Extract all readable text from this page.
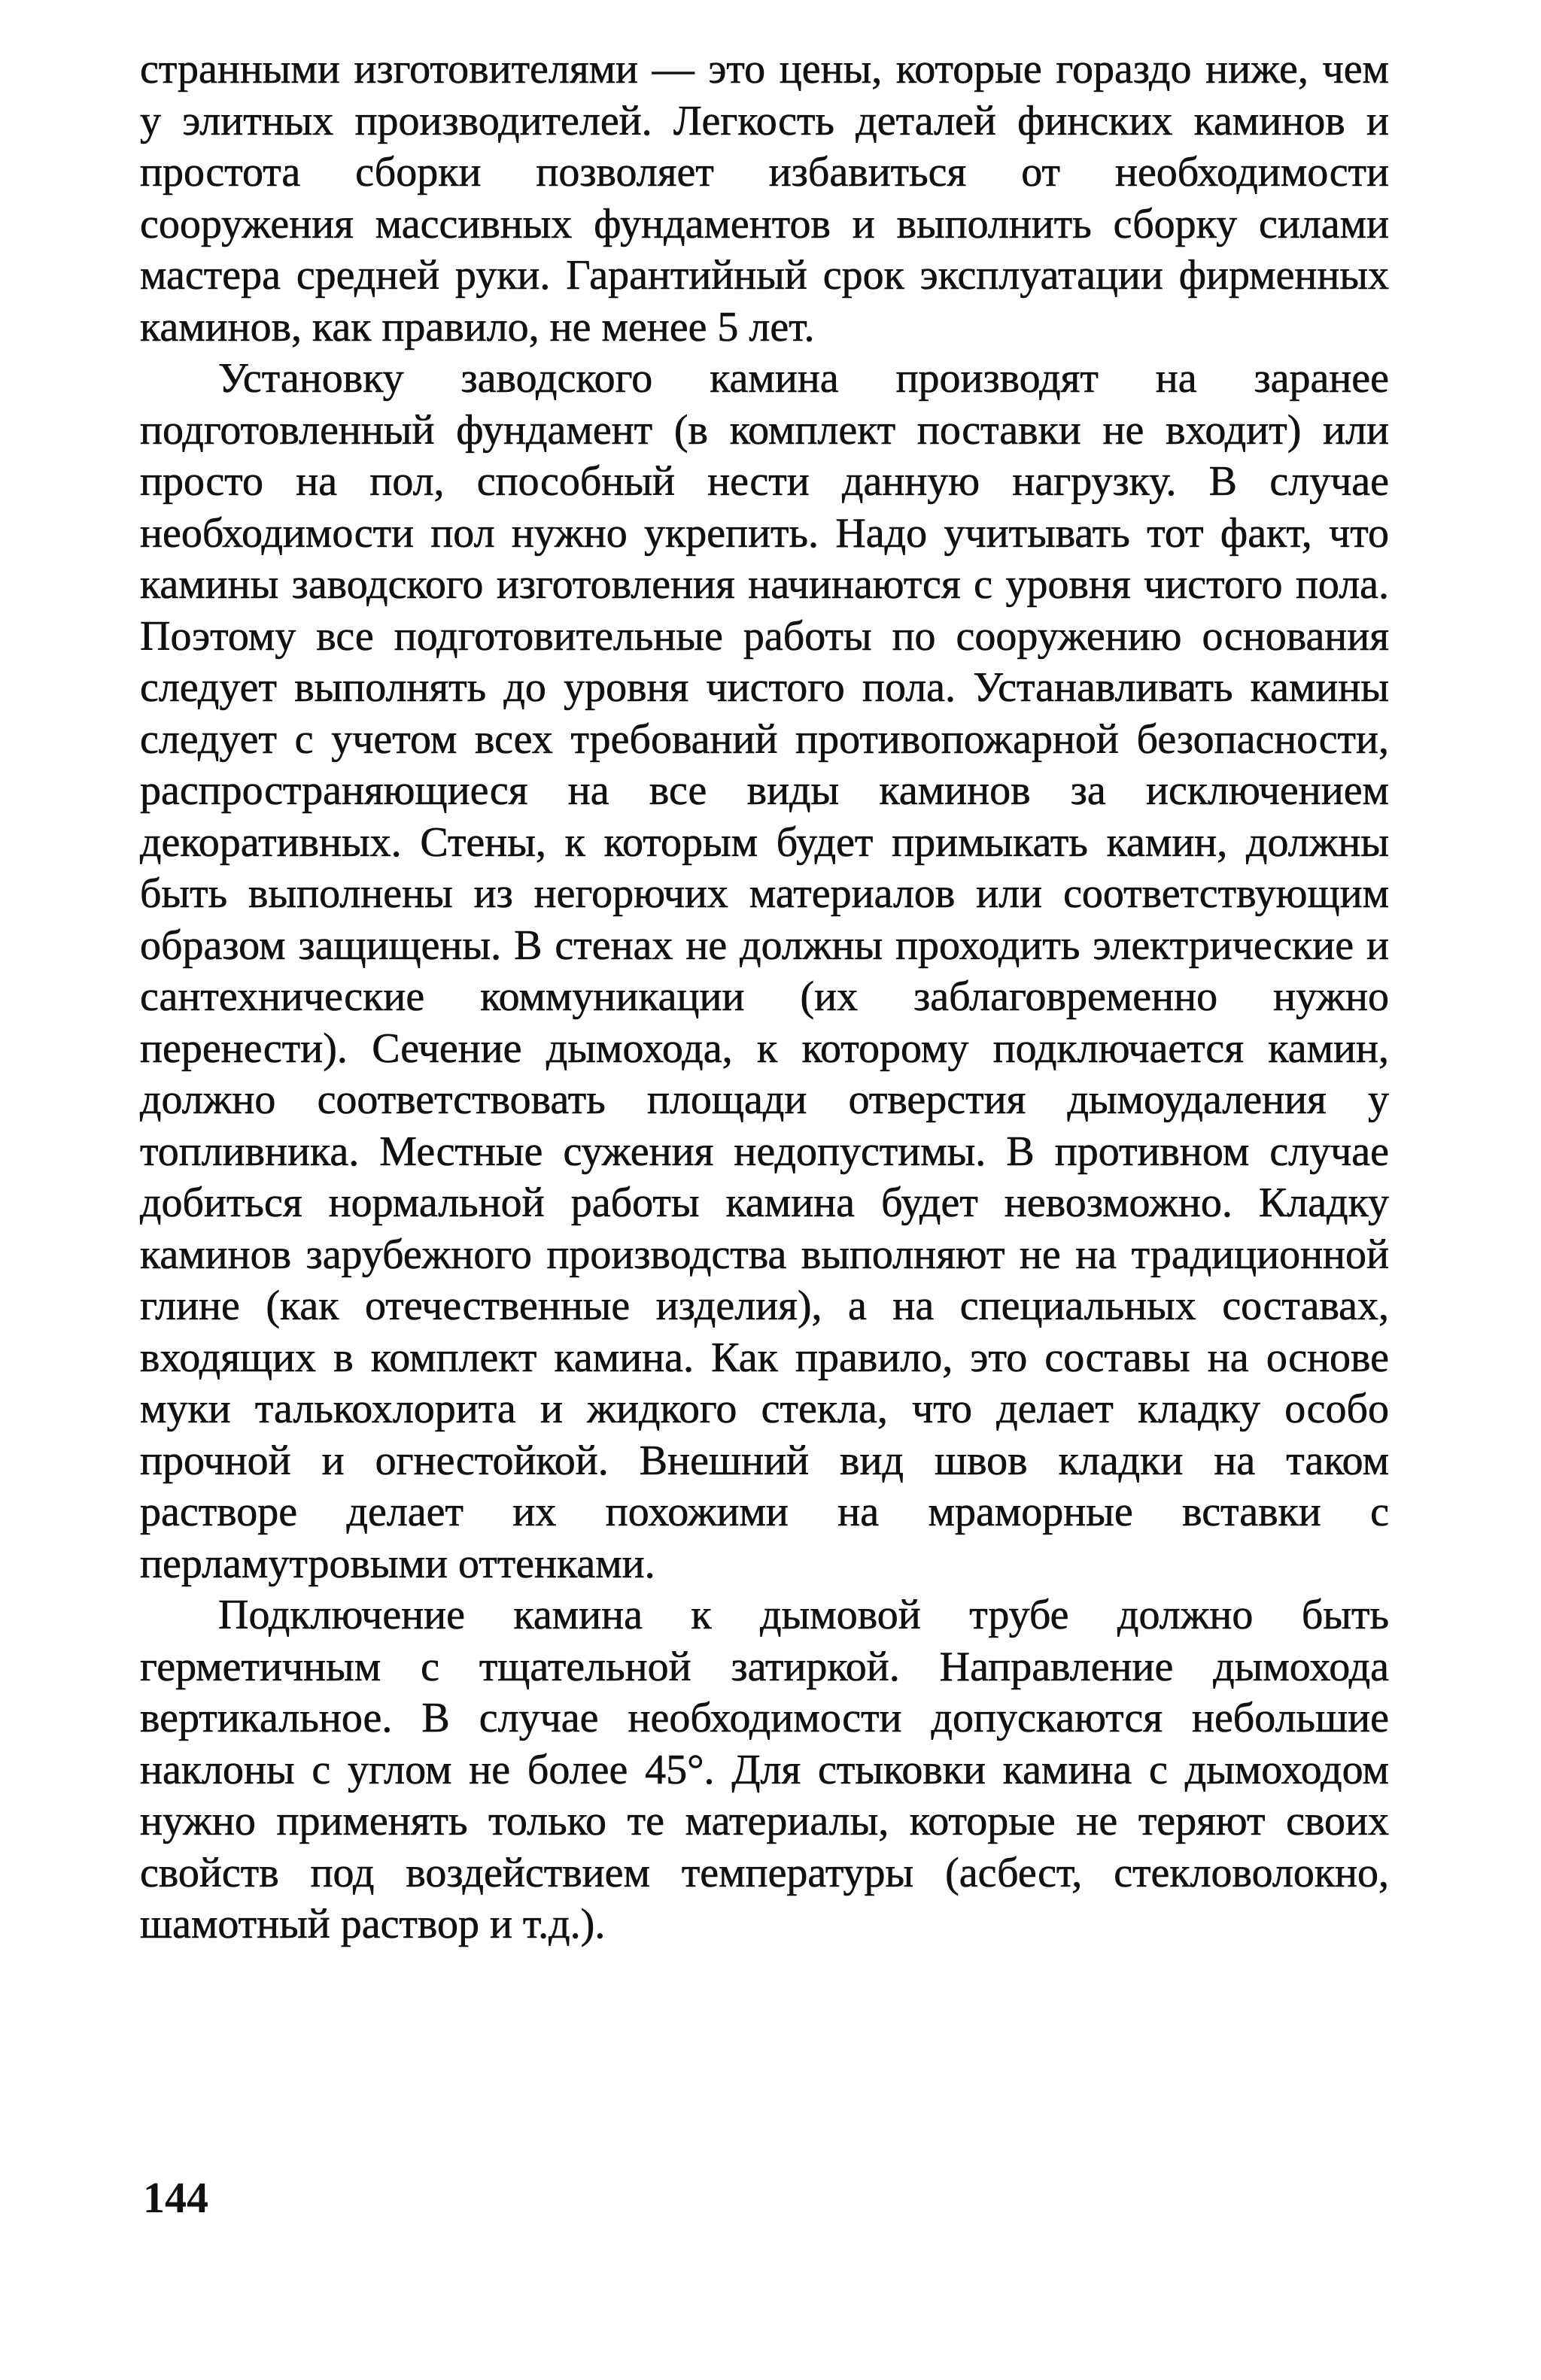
странными изготовителями — это цены, которые гораздо ниже, чем у элитных производителей. Легкость деталей финских каминов и простота сборки позволяет избавиться от необходимости сооружения массивных фундаментов и выполнить сборку силами мастера средней руки. Гарантийный срок эксплуатации фирменных каминов, как правило, не менее 5 лет.

Установку заводского камина производят на заранее подготовленный фундамент (в комплект поставки не входит) или просто на пол, способный нести данную нагрузку. В случае необходимости пол нужно укрепить. Надо учитывать тот факт, что камины заводского изготовления начинаются с уровня чистого пола. Поэтому все подготовительные работы по сооружению основания следует выполнять до уровня чистого пола. Устанавливать камины следует с учетом всех требований противопожарной безопасности, распространяющиеся на все виды каминов за исключением декоративных. Стены, к которым будет примыкать камин, должны быть выполнены из негорючих материалов или соответствующим образом защищены. В стенах не должны проходить электрические и сантехнические коммуникации (их заблаговременно нужно перенести). Сечение дымохода, к которому подключается камин, должно соответствовать площади отверстия дымоудаления у топливника. Местные сужения недопустимы. В противном случае добиться нормальной работы камина будет невозможно. Кладку каминов зарубежного производства выполняют не на традиционной глине (как отечественные изделия), а на специальных составах, входящих в комплект камина. Как правило, это составы на основе муки талькохлорита и жидкого стекла, что делает кладку особо прочной и огнестойкой. Внешний вид швов кладки на таком растворе делает их похожими на мраморные вставки с перламутровыми оттенками.

Подключение камина к дымовой трубе должно быть герметичным с тщательной затиркой. Направление дымохода вертикальное. В случае необходимости допускаются небольшие наклоны с углом не более 45°. Для стыковки камина с дымоходом нужно применять только те материалы, которые не теряют своих свойств под воздействием температуры (асбест, стекловолокно, шамотный раствор и т.д.).

144
